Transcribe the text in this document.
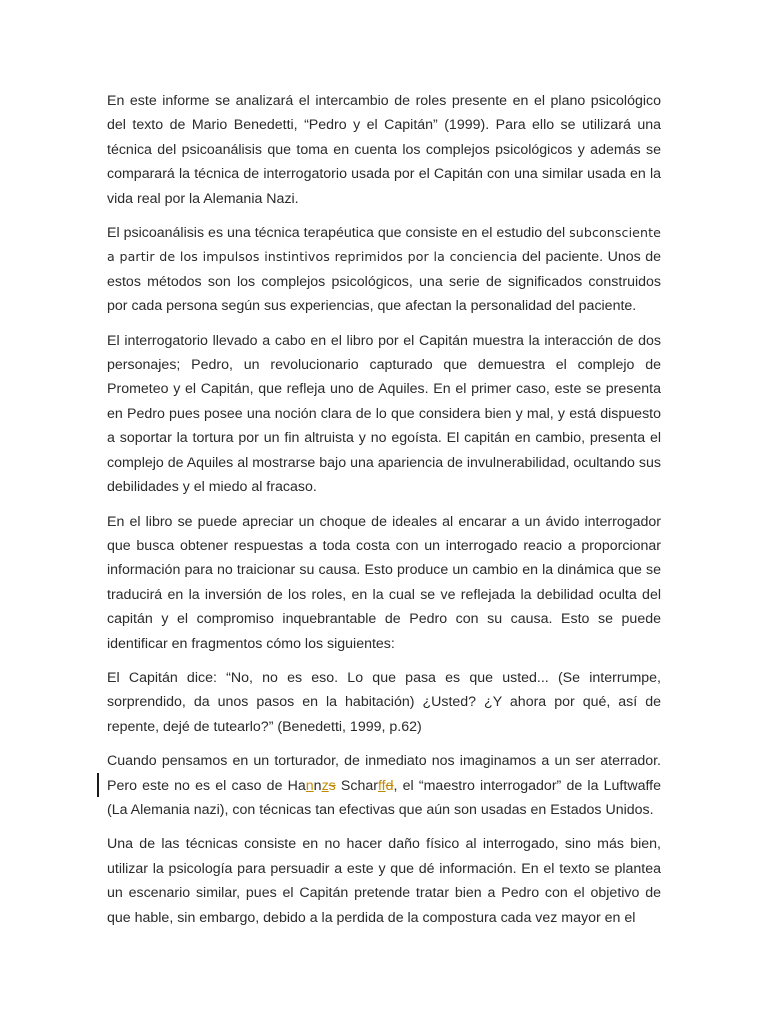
En este informe se analizará el intercambio de roles presente en el plano psicológico del texto de Mario Benedetti, “Pedro y el Capitán” (1999). Para ello se utilizará una técnica del psicoanálisis que toma en cuenta los complejos psicológicos y además se comparará la técnica de interrogatorio usada por el Capitán con una similar usada en la vida real por la Alemania Nazi.

El psicoanálisis es una técnica terapéutica que consiste en el estudio del subconsciente a partir de los impulsos instintivos reprimidos por la conciencia del paciente. Unos de estos métodos son los complejos psicológicos, una serie de significados construidos por cada persona según sus experiencias, que afectan la personalidad del paciente.

El interrogatorio llevado a cabo en el libro por el Capitán muestra la interacción de dos personajes; Pedro, un revolucionario capturado que demuestra el complejo de Prometeo y el Capitán, que refleja uno de Aquiles. En el primer caso, este se presenta en Pedro pues posee una noción clara de lo que considera bien y mal, y está dispuesto a soportar la tortura por un fin altruista y no egoísta. El capitán en cambio, presenta el complejo de Aquiles al mostrarse bajo una apariencia de invulnerabilidad, ocultando sus debilidades y el miedo al fracaso.

En el libro se puede apreciar un choque de ideales al encarar a un ávido interrogador que busca obtener respuestas a toda costa con un interrogado reacio a proporcionar información para no traicionar su causa. Esto produce un cambio en la dinámica que se traducirá en la inversión de los roles, en la cual se ve reflejada la debilidad oculta del capitán y el compromiso inquebrantable de Pedro con su causa. Esto se puede identificar en fragmentos cómo los siguientes:

El Capitán dice: “No, no es eso. Lo que pasa es que usted... (Se interrumpe, sorprendido, da unos pasos en la habitación) ¿Usted? ¿Y ahora por qué, así de repente, dejé de tutearlo?” (Benedetti, 1999, p.62)

Cuando pensamos en un torturador, de inmediato nos imaginamos a un ser aterrador. Pero este no es el caso de Hannzs Scharffd, el “maestro interrogador” de la Luftwaffe (La Alemania nazi), con técnicas tan efectivas que aún son usadas en Estados Unidos.

Una de las técnicas consiste en no hacer daño físico al interrogado, sino más bien, utilizar la psicología para persuadir a este y que dé información. En el texto se plantea un escenario similar, pues el Capitán pretende tratar bien a Pedro con el objetivo de que hable, sin embargo, debido a la perdida de la compostura cada vez mayor en el
